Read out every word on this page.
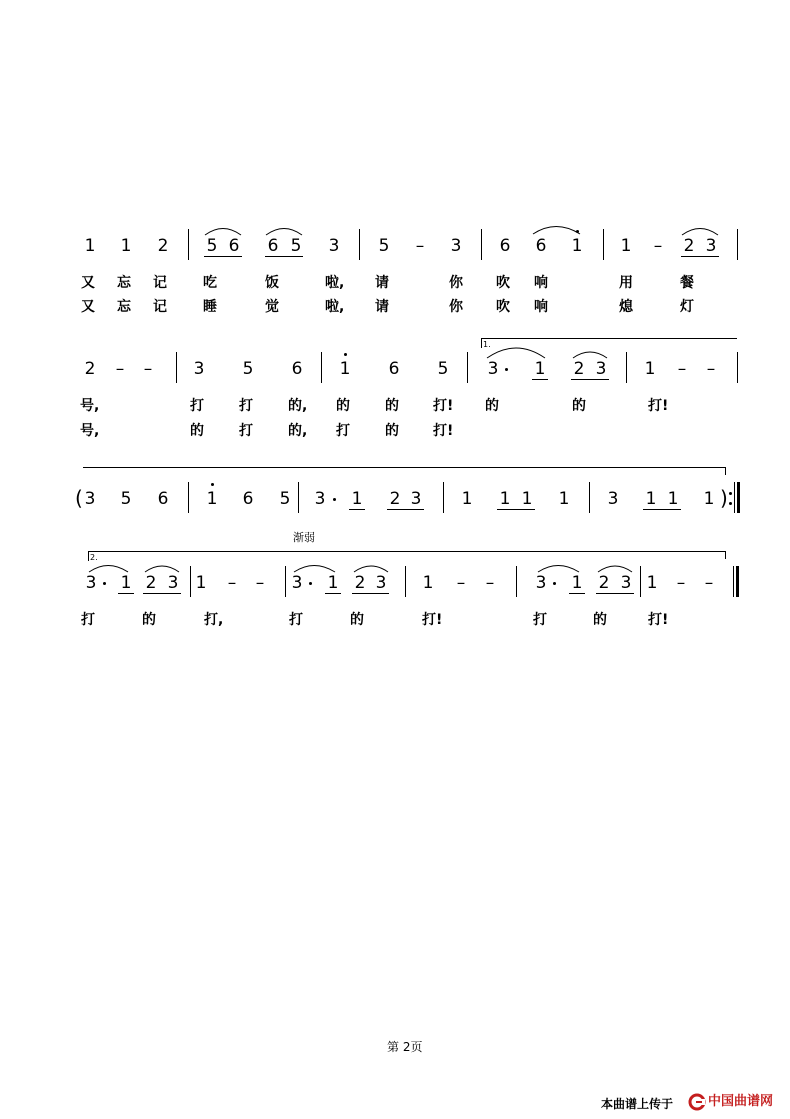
1 1 2 5 6 6 5 3 5	–	3 6 6 1 1	–	2 3
又 忘 记	吃	饭	啦, 请	你 吹 响	用	餐
又 忘 记	睡	觉	啦, 请	你 吹 响	熄	灯
1.
2	–	–	3 5 6 1 6 5 3 1 2 3 1	–	–
号,	打	打	的, 的	的 打! 的	的	打!
号,	的	打	的, 打	的 打!
( 3 5 6 1 6 5 3 1 2 3 1 1 1 1 3 1 1 1 )
渐弱
2.
3 1 2 3 1	–	–	3 1 2 3 1	–	–	3 1 2 3 1	–	–
打	的	打,	打	的	打!	打	的	打!
第 2页
本曲谱上传于	中国曲谱网
